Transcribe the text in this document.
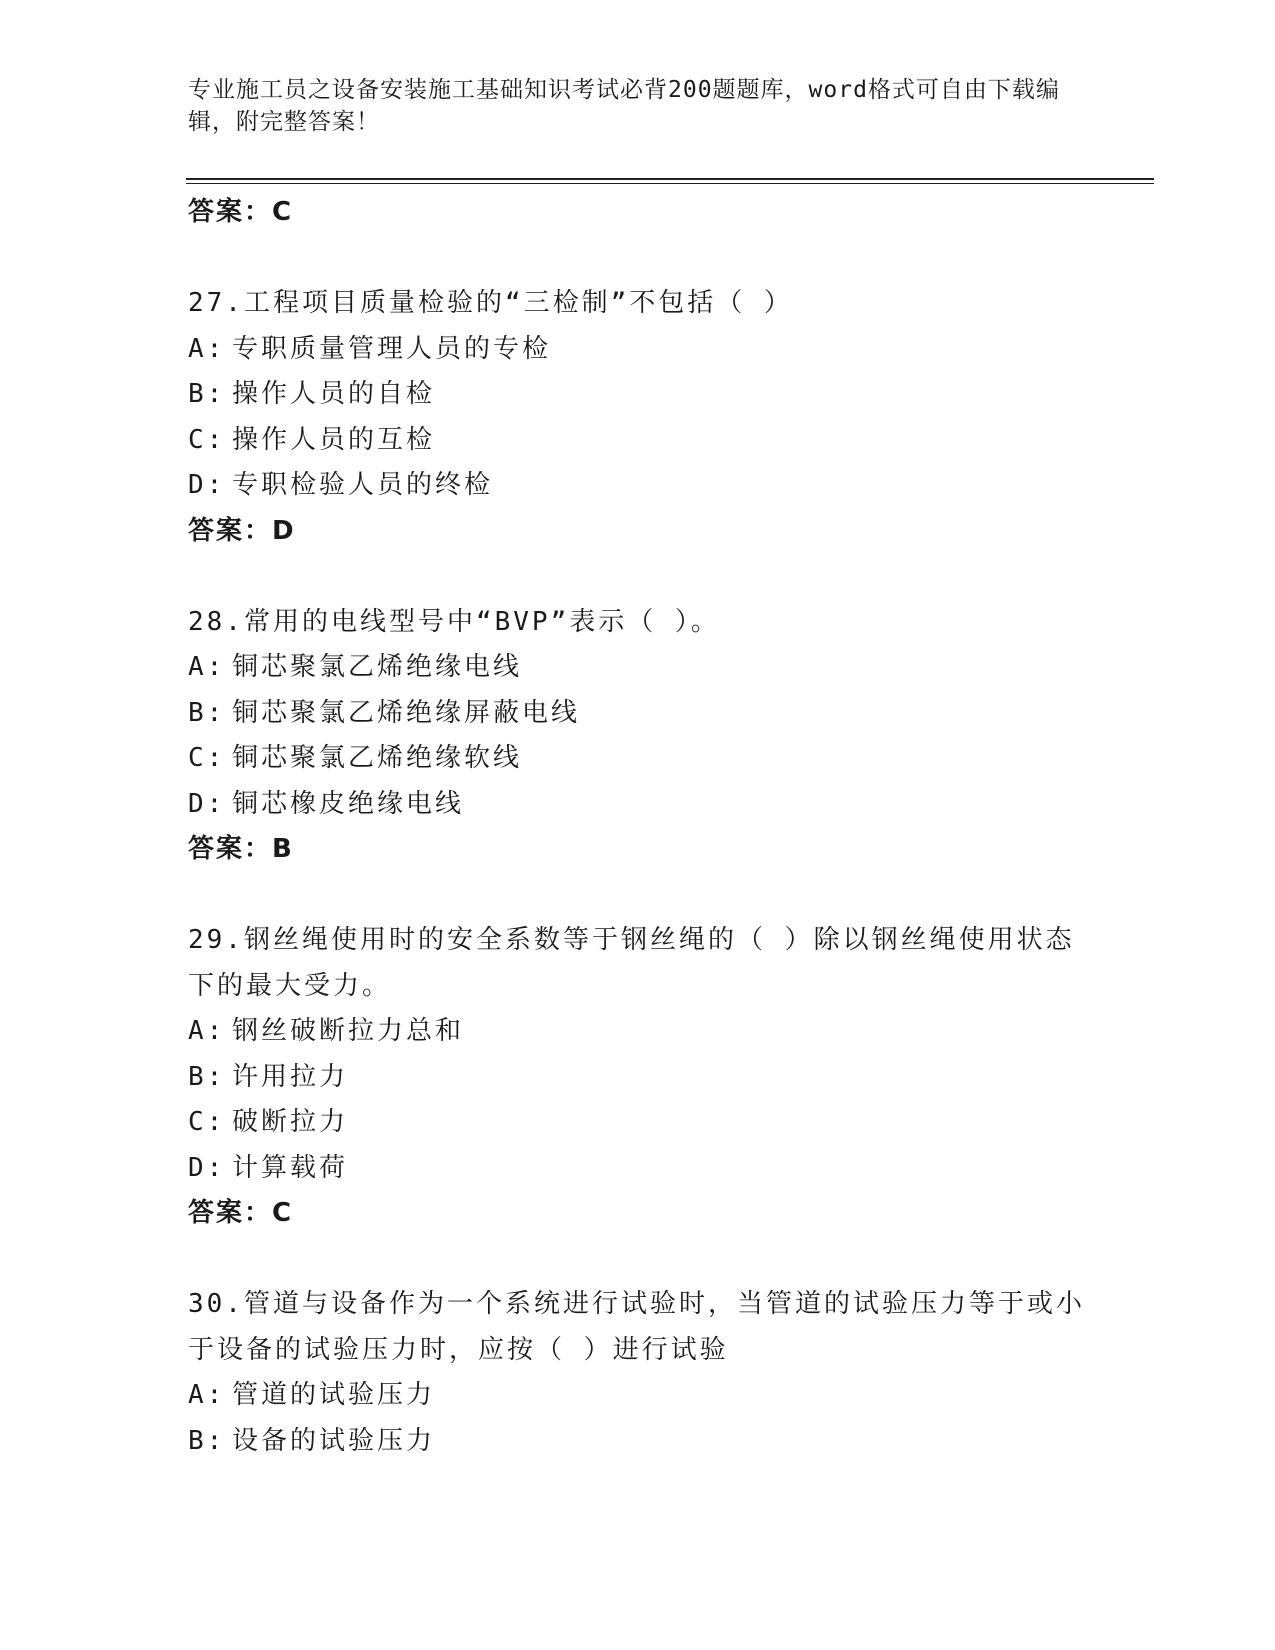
专业施工员之设备安装施工基础知识考试必背200题题库，word格式可自由下载编辑，附完整答案！
答案：C
27.工程项目质量检验的“三检制”不包括（ ）
A: 专职质量管理人员的专检
B: 操作人员的自检
C: 操作人员的互检
D: 专职检验人员的终检
答案：D
28.常用的电线型号中“BVP”表示（ ）。
A: 铜芯聚氯乙烯绝缘电线
B: 铜芯聚氯乙烯绝缘屏蔽电线
C: 铜芯聚氯乙烯绝缘软线
D: 铜芯橡皮绝缘电线
答案：B
29.钢丝绳使用时的安全系数等于钢丝绳的（ ）除以钢丝绳使用状态下的最大受力。
A: 钢丝破断拉力总和
B: 许用拉力
C: 破断拉力
D: 计算载荷
答案：C
30.管道与设备作为一个系统进行试验时，当管道的试验压力等于或小于设备的试验压力时，应按（ ）进行试验
A: 管道的试验压力
B: 设备的试验压力
